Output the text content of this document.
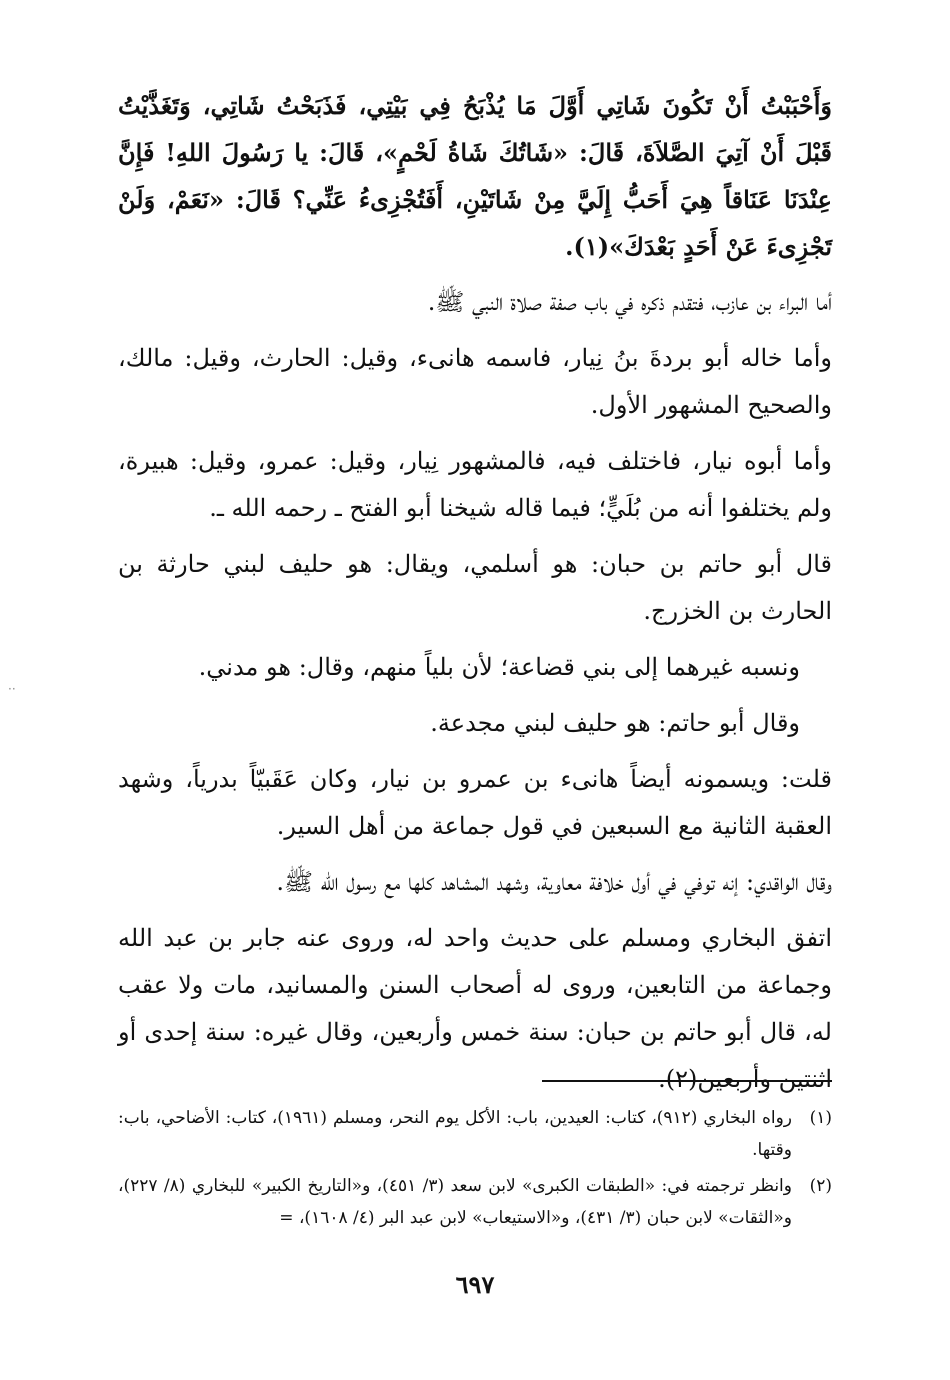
··

وَأَحْبَبْتُ أَنْ تَكُونَ شَاتِي أَوَّلَ مَا يُذْبَحُ فِي بَيْتِي، فَذَبَحْتُ شَاتِي، وَتَغَذَّيْتُ قَبْلَ أَنْ آتِيَ الصَّلاَةَ، قَالَ: «شَاتُكَ شَاةُ لَحْمٍ»، قَالَ: يا رَسُولَ اللهِ! فَإِنَّ عِنْدَنَا عَنَاقاً هِيَ أَحَبُّ إِلَيَّ مِنْ شَاتَيْنِ، أَفَتُجْزِىءُ عَنِّي؟ قَالَ: «نَعَمْ، وَلَنْ تَجْزِىءَ عَنْ أَحَدٍ بَعْدَكَ»(١).

أما البراء بن عازب، فتقدم ذكره في باب صفة صلاة النبي ﷺ.

وأما خاله أبو بردةَ بنُ نِيار، فاسمه هانىء، وقيل: الحارث، وقيل: مالك، والصحيح المشهور الأول.

وأما أبوه نيار، فاختلف فيه، فالمشهور نِيار، وقيل: عمرو، وقيل: هبيرة، ولم يختلفوا أنه من بُلَيٍّ؛ فيما قاله شيخنا أبو الفتح ـ رحمه الله ـ.

قال أبو حاتم بن حبان: هو أسلمي، ويقال: هو حليف لبني حارثة بن الحارث بن الخزرج.

ونسبه غيرهما إلى بني قضاعة؛ لأن بلياً منهم، وقال: هو مدني.

وقال أبو حاتم: هو حليف لبني مجدعة.

قلت: ويسمونه أيضاً هانىء بن عمرو بن نيار، وكان عَقَبيّاً بدرياً، وشهد العقبة الثانية مع السبعين في قول جماعة من أهل السير.

وقال الواقدي: إنه توفي في أول خلافة معاوية، وشهد المشاهد كلها مع رسول الله ﷺ.

اتفق البخاري ومسلم على حديث واحد له، وروى عنه جابر بن عبد الله وجماعة من التابعين، وروى له أصحاب السنن والمسانيد، مات ولا عقب له، قال أبو حاتم بن حبان: سنة خمس وأربعين، وقال غيره: سنة إحدى أو اثنتين وأربعين(٢).

(١)
رواه البخاري (٩١٢)، كتاب: العيدين، باب: الأكل يوم النحر، ومسلم (١٩٦١)، كتاب: الأضاحي، باب: وقتها.
(٢)
وانظر ترجمته في: «الطبقات الكبرى» لابن سعد (٣/ ٤٥١)، و«التاريخ الكبير» للبخاري (٨/ ٢٢٧)، و«الثقات» لابن حبان (٣/ ٤٣١)، و«الاستيعاب» لابن عبد البر (٤/ ١٦٠٨)، =
٦٩٧
